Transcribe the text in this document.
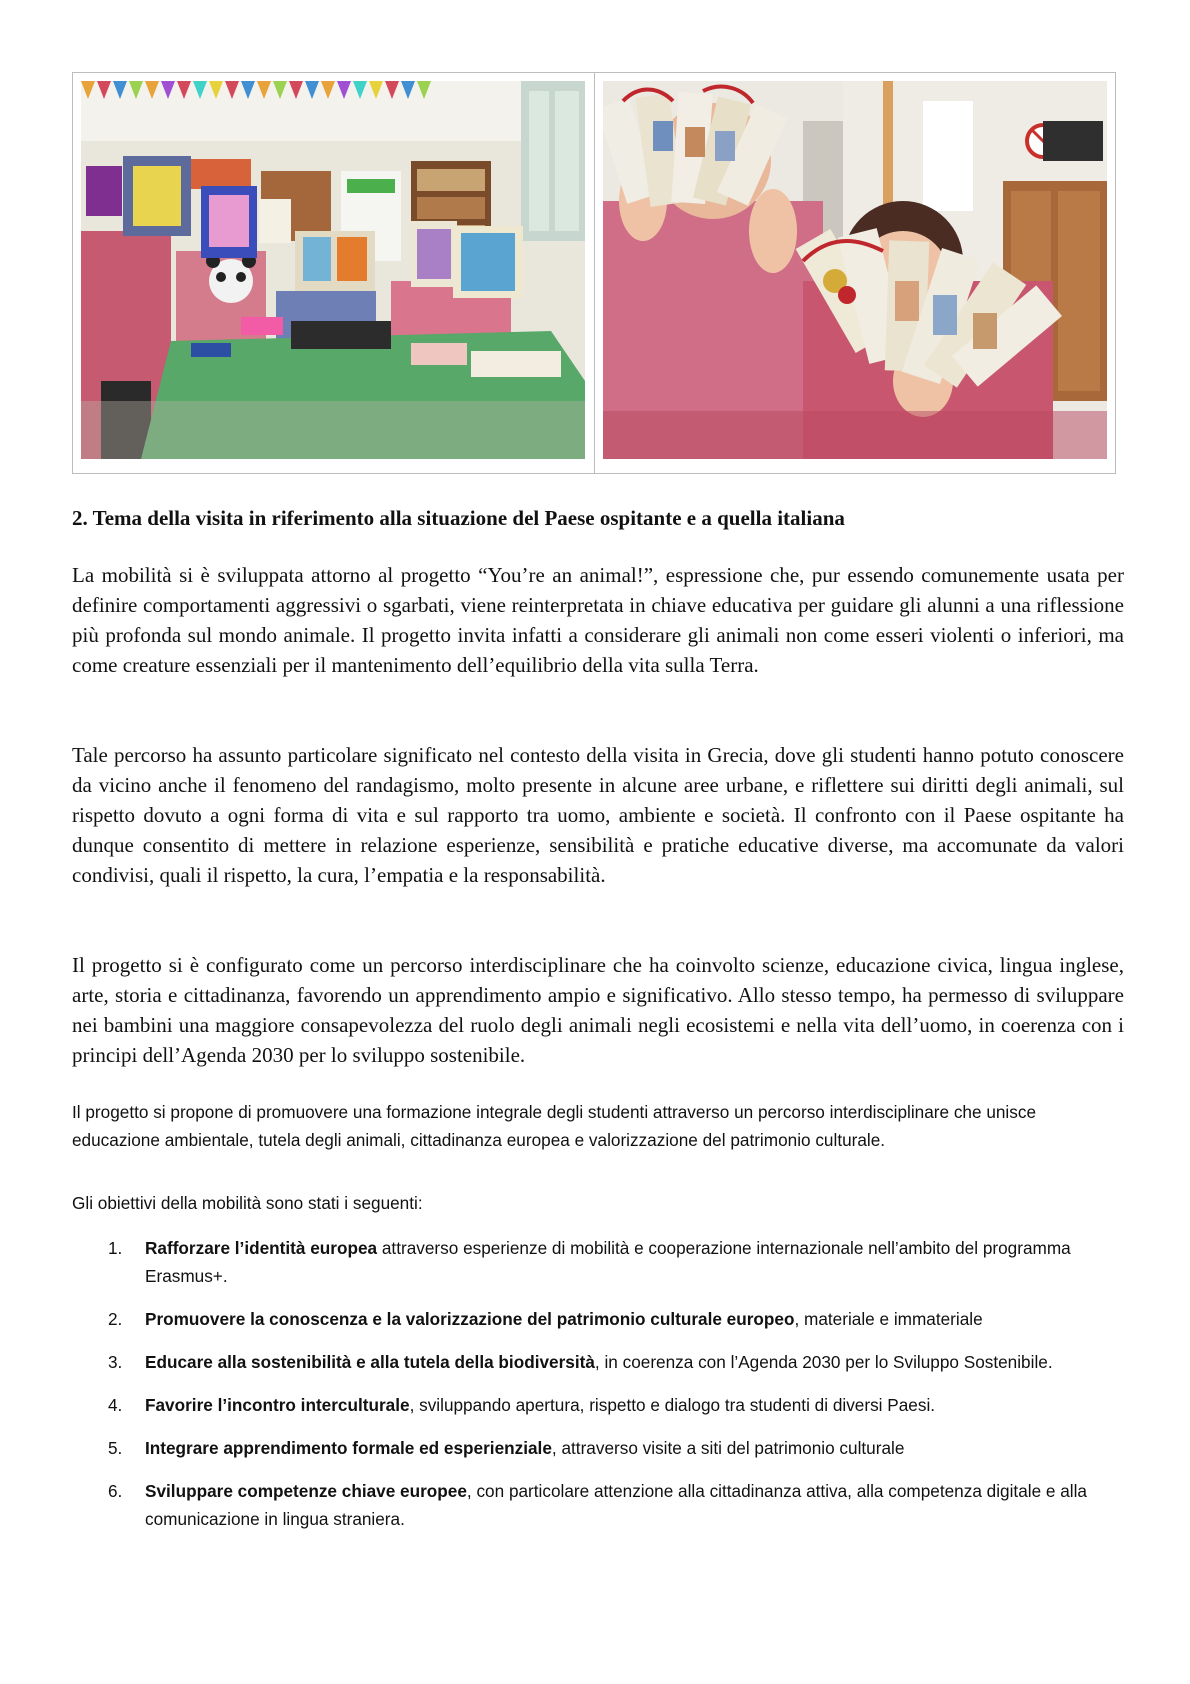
2. Tema della visita in riferimento alla situazione del Paese ospitante e a quella italiana

La mobilità si è sviluppata attorno al progetto “You’re an animal!”, espressione che, pur essendo comunemente usata per definire comportamenti aggressivi o sgarbati, viene reinterpretata in chiave educativa per guidare gli alunni a una riflessione più profonda sul mondo animale. Il progetto invita infatti a considerare gli animali non come esseri violenti o inferiori, ma come creature essenziali per il mantenimento dell’equilibrio della vita sulla Terra.

Tale percorso ha assunto particolare significato nel contesto della visita in Grecia, dove gli studenti hanno potuto conoscere da vicino anche il fenomeno del randagismo, molto presente in alcune aree urbane, e riflettere sui diritti degli animali, sul rispetto dovuto a ogni forma di vita e sul rapporto tra uomo, ambiente e società. Il confronto con il Paese ospitante ha dunque consentito di mettere in relazione esperienze, sensibilità e pratiche educative diverse, ma accomunate da valori condivisi, quali il rispetto, la cura, l’empatia e la responsabilità.

Il progetto si è configurato come un percorso interdisciplinare che ha coinvolto scienze, educazione civica, lingua inglese, arte, storia e cittadinanza, favorendo un apprendimento ampio e significativo. Allo stesso tempo, ha permesso di sviluppare nei bambini una maggiore consapevolezza del ruolo degli animali negli ecosistemi e nella vita dell’uomo, in coerenza con i principi dell’Agenda 2030 per lo sviluppo sostenibile.

Il progetto si propone di promuovere una formazione integrale degli studenti attraverso un percorso interdisciplinare che unisce educazione ambientale, tutela degli animali, cittadinanza europea e valorizzazione del patrimonio culturale.

Gli obiettivi della mobilità sono stati i seguenti:

1. Rafforzare l’identità europea attraverso esperienze di mobilità e cooperazione internazionale nell’ambito del programma Erasmus+.
2. Promuovere la conoscenza e la valorizzazione del patrimonio culturale europeo, materiale e immateriale
3. Educare alla sostenibilità e alla tutela della biodiversità, in coerenza con l’Agenda 2030 per lo Sviluppo Sostenibile.
4. Favorire l’incontro interculturale, sviluppando apertura, rispetto e dialogo tra studenti di diversi Paesi.
5. Integrare apprendimento formale ed esperienziale, attraverso visite a siti del patrimonio culturale
6. Sviluppare competenze chiave europee, con particolare attenzione alla cittadinanza attiva, alla competenza digitale e alla comunicazione in lingua straniera.
